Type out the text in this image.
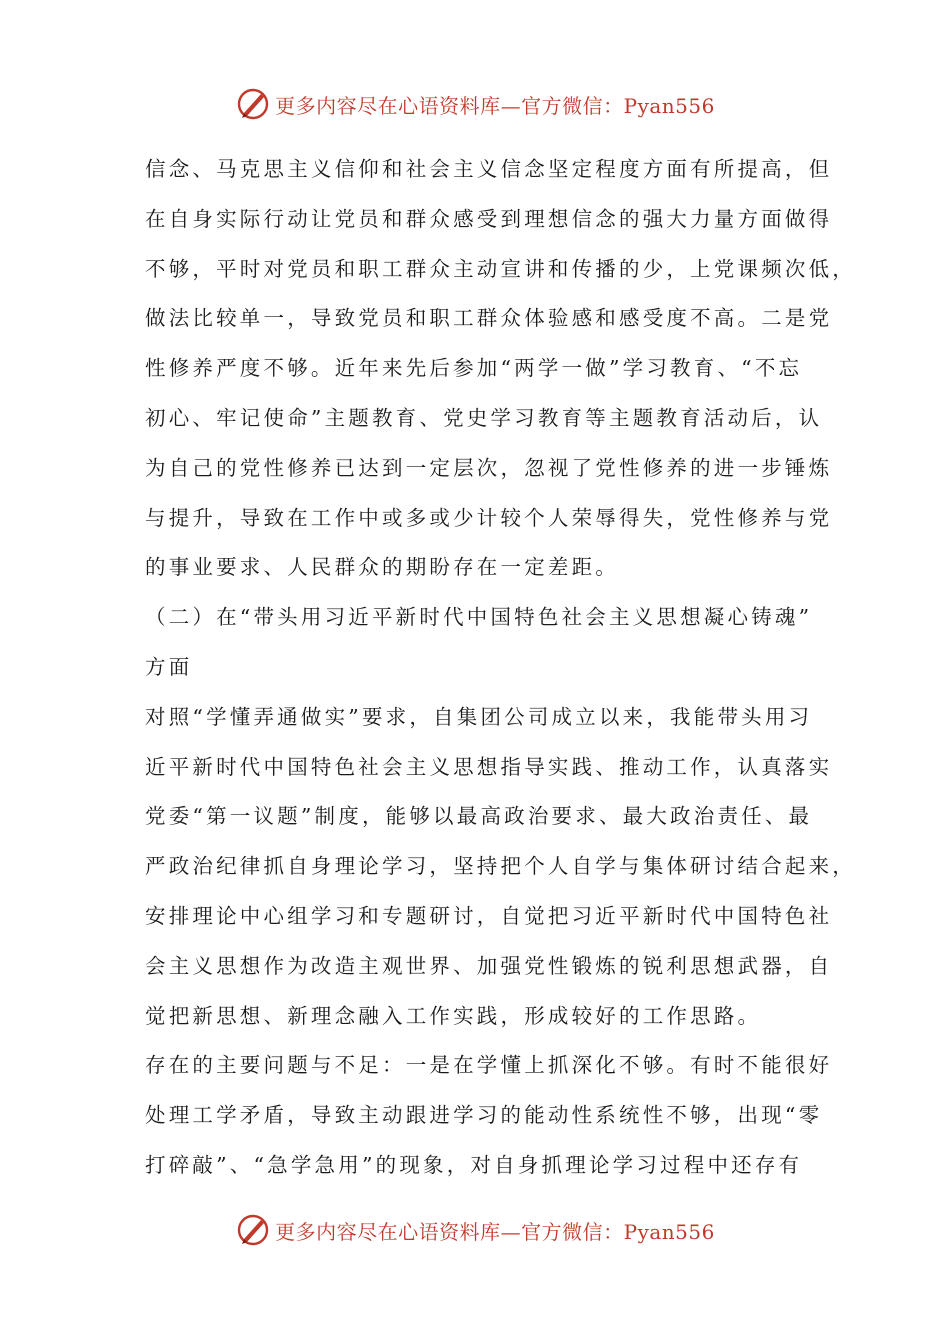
更多内容尽在心语资料库—官方微信：Pyan556
信念、马克思主义信仰和社会主义信念坚定程度方面有所提高，但
在自身实际行动让党员和群众感受到理想信念的强大力量方面做得
不够，平时对党员和职工群众主动宣讲和传播的少，上党课频次低，
做法比较单一，导致党员和职工群众体验感和感受度不高。二是党
性修养严度不够。近年来先后参加“两学一做”学习教育、“不忘
初心、牢记使命”主题教育、党史学习教育等主题教育活动后，认
为自己的党性修养已达到一定层次，忽视了党性修养的进一步锤炼
与提升，导致在工作中或多或少计较个人荣辱得失，党性修养与党
的事业要求、人民群众的期盼存在一定差距。
（二）在“带头用习近平新时代中国特色社会主义思想凝心铸魂”
方面
对照“学懂弄通做实”要求，自集团公司成立以来，我能带头用习
近平新时代中国特色社会主义思想指导实践、推动工作，认真落实
党委“第一议题”制度，能够以最高政治要求、最大政治责任、最
严政治纪律抓自身理论学习，坚持把个人自学与集体研讨结合起来，
安排理论中心组学习和专题研讨，自觉把习近平新时代中国特色社
会主义思想作为改造主观世界、加强党性锻炼的锐利思想武器，自
觉把新思想、新理念融入工作实践，形成较好的工作思路。
存在的主要问题与不足：一是在学懂上抓深化不够。有时不能很好
处理工学矛盾，导致主动跟进学习的能动性系统性不够，出现“零
打碎敲”、“急学急用”的现象，对自身抓理论学习过程中还存有
更多内容尽在心语资料库—官方微信：Pyan556
